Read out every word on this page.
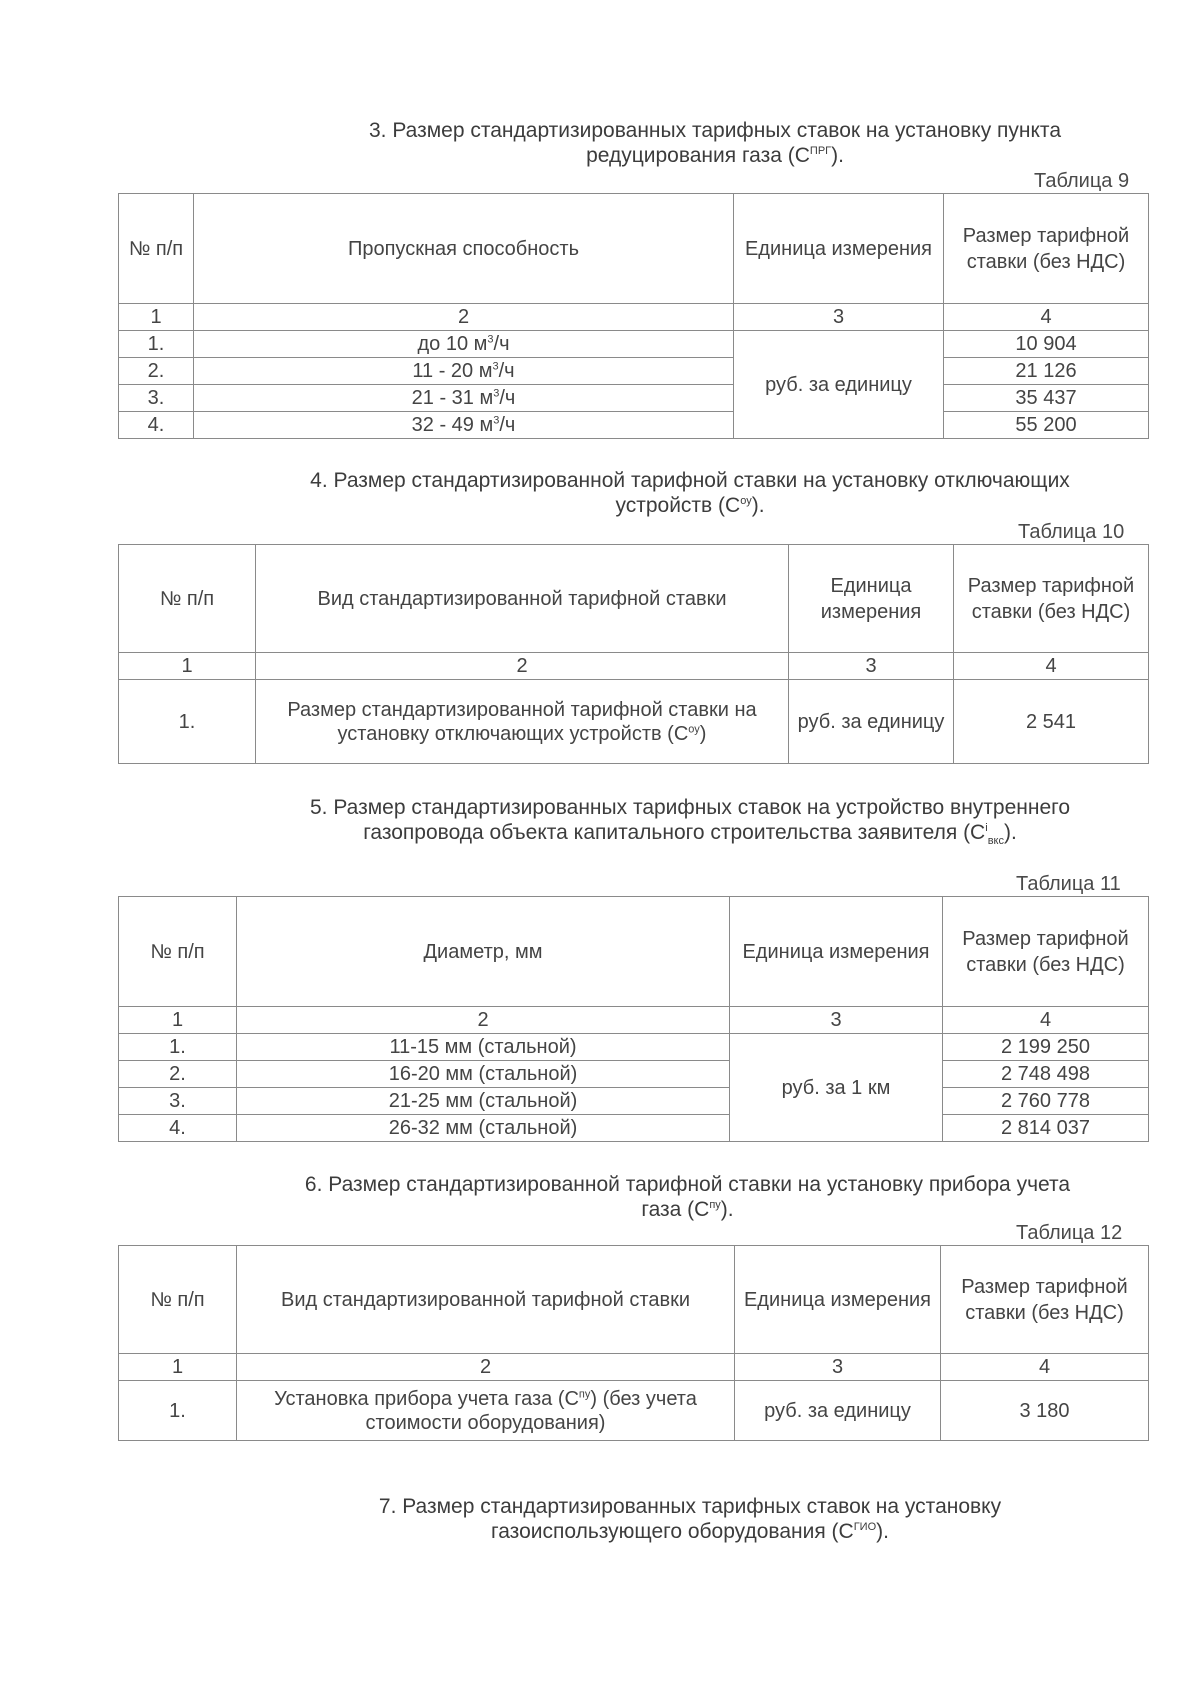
3. Размер стандартизированных тарифных ставок на установку пункта
редуцирования газа $(С^{ПРГ})$.
Таблица 9
№ п/п	Пропускная способность	Единица измерения	Размер тарифной ставки (без НДС)
1	2	3	4
1.	до 10 $м^3/ч$	руб. за единицу	10 904
2.	11 - 20 $м^3/ч$		21 126
3.	21 - 31 $м^3/ч$		35 437
4.	32 - 49 $м^3/ч$		55 200
4. Размер стандартизированной тарифной ставки на установку отключающих
устройств $(С^{оу})$.
Таблица 10
№ п/п	Вид стандартизированной тарифной ставки	Единица измерения	Размер тарифной ставки (без НДС)
1	2	3	4
1.	Размер стандартизированной тарифной ставки на установку отключающих устройств $(С^{оу})$	руб. за единицу	2 541
5. Размер стандартизированных тарифных ставок на устройство внутреннего
газопровода объекта капитального строительства заявителя $(С^i_{вкс})$.
Таблица 11
№ п/п	Диаметр, мм	Единица измерения	Размер тарифной ставки (без НДС)
1	2	3	4
1.	11-15 мм (стальной)	руб. за 1 км	2 199 250
2.	16-20 мм (стальной)		2 748 498
3.	21-25 мм (стальной)		2 760 778
4.	26-32 мм (стальной)		2 814 037
6. Размер стандартизированной тарифной ставки на установку прибора учета
газа $(С^{пу})$.
Таблица 12
№ п/п	Вид стандартизированной тарифной ставки	Единица измерения	Размер тарифной ставки (без НДС)
1	2	3	4
1.	Установка прибора учета газа $(С^{пу})$ (без учета стоимости оборудования)	руб. за единицу	3 180
7. Размер стандартизированных тарифных ставок на установку
газоиспользующего оборудования $(С^{ГИО})$.
